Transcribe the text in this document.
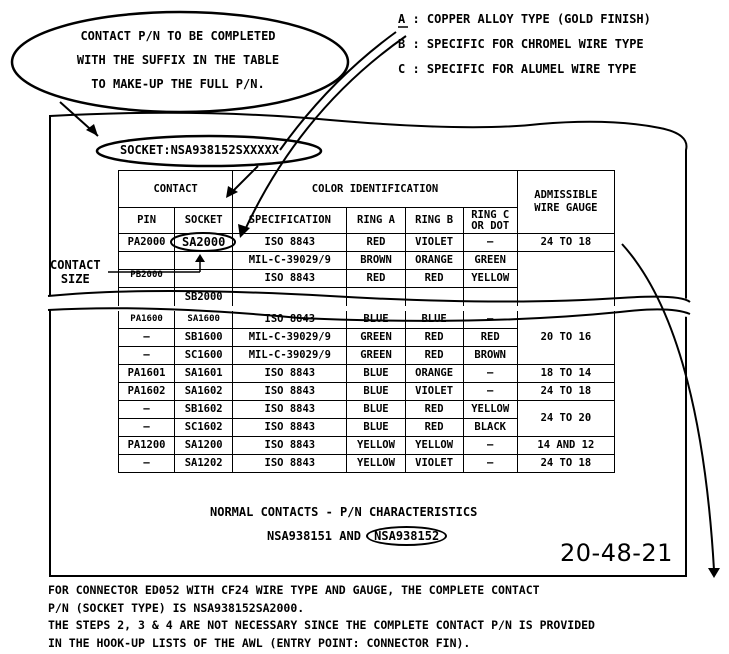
A : COPPER ALLOY TYPE (GOLD FINISH)
B : SPECIFIC FOR CHROMEL WIRE TYPE
C : SPECIFIC FOR ALUMEL WIRE TYPE
CONTACT P/N TO BE COMPLETED
WITH THE SUFFIX IN THE TABLE
TO MAKE-UP THE FULL P/N.
SOCKET:NSA938152SXXXXX
CONTACT
SIZE
CONTACT		COLOR IDENTIFICATION				ADMISSIBLE WIRE GAUGE
PIN	SOCKET	SPECIFICATION	RING A	RING B	RING C OR DOT	
PA2000	SA2000	ISO 8843	RED	VIOLET	–	24 TO 18
		MIL-C-39029/9	BROWN	ORANGE	GREEN	
PB2000		ISO 8843	RED	RED	YELLOW	
	SB2000					
PA1600	SA1600	ISO 8843	BLUE	BLUE	–	20 TO 16
–	SB1600	MIL-C-39029/9	GREEN	RED	RED	
–	SC1600	MIL-C-39029/9	GREEN	RED	BROWN	
PA1601	SA1601	ISO 8843	BLUE	ORANGE	–	18 TO 14
PA1602	SA1602	ISO 8843	BLUE	VIOLET	–	24 TO 18
–	SB1602	ISO 8843	BLUE	RED	YELLOW	24 TO 20
–	SC1602	ISO 8843	BLUE	RED	BLACK	
PA1200	SA1200	ISO 8843	YELLOW	YELLOW	–	14 AND 12
–	SA1202	ISO 8843	YELLOW	VIOLET	–	24 TO 18
NORMAL CONTACTS - P/N CHARACTERISTICS
NSA938151 AND NSA938152
20-48-21
FOR CONNECTOR ED052 WITH CF24 WIRE TYPE AND GAUGE, THE COMPLETE CONTACT
P/N (SOCKET TYPE) IS NSA938152SA2000.
THE STEPS 2, 3 & 4 ARE NOT NECESSARY SINCE THE COMPLETE CONTACT P/N IS PROVIDED
IN THE HOOK-UP LISTS OF THE AWL (ENTRY POINT: CONNECTOR FIN).
